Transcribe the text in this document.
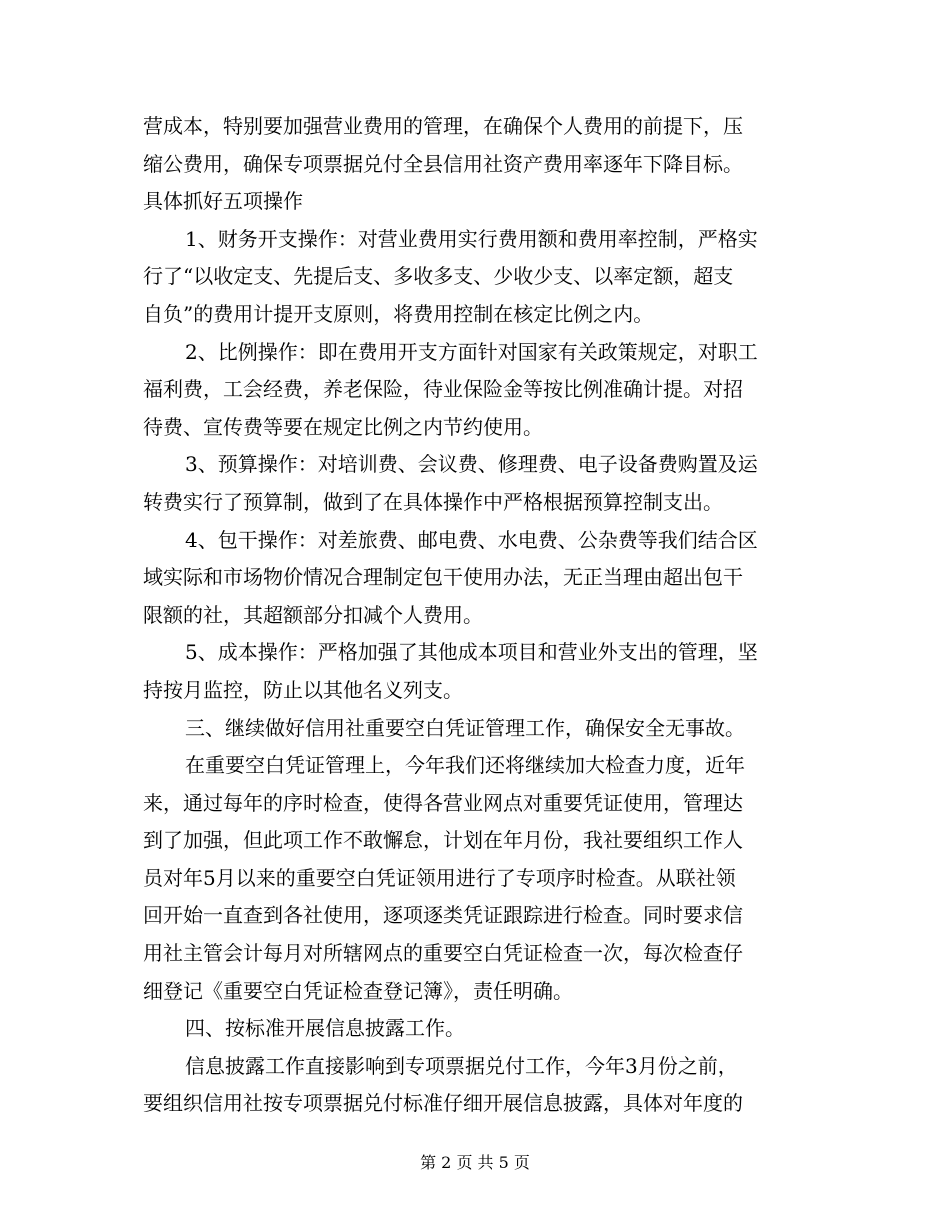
营成本，特别要加强营业费用的管理，在确保个人费用的前提下，压
缩公费用，确保专项票据兑付全县信用社资产费用率逐年下降目标。
具体抓好五项操作
1、财务开支操作：对营业费用实行费用额和费用率控制，严格实
行了“以收定支、先提后支、多收多支、少收少支、以率定额，超支
自负”的费用计提开支原则，将费用控制在核定比例之内。
2、比例操作：即在费用开支方面针对国家有关政策规定，对职工
福利费，工会经费，养老保险，待业保险金等按比例准确计提。对招
待费、宣传费等要在规定比例之内节约使用。
3、预算操作：对培训费、会议费、修理费、电子设备费购置及运
转费实行了预算制，做到了在具体操作中严格根据预算控制支出。
4、包干操作：对差旅费、邮电费、水电费、公杂费等我们结合区
域实际和市场物价情况合理制定包干使用办法，无正当理由超出包干
限额的社，其超额部分扣减个人费用。
5、成本操作：严格加强了其他成本项目和营业外支出的管理，坚
持按月监控，防止以其他名义列支。
三、继续做好信用社重要空白凭证管理工作，确保安全无事故。
在重要空白凭证管理上，今年我们还将继续加大检查力度，近年
来，通过每年的序时检查，使得各营业网点对重要凭证使用，管理达
到了加强，但此项工作不敢懈怠，计划在年月份，我社要组织工作人
员对年5月以来的重要空白凭证领用进行了专项序时检查。从联社领
回开始一直查到各社使用，逐项逐类凭证跟踪进行检查。同时要求信
用社主管会计每月对所辖网点的重要空白凭证检查一次，每次检查仔
细登记《重要空白凭证检查登记簿》，责任明确。
四、按标准开展信息披露工作。
信息披露工作直接影响到专项票据兑付工作，今年3月份之前，
要组织信用社按专项票据兑付标准仔细开展信息披露，具体对年度的
第 2 页 共 5 页
